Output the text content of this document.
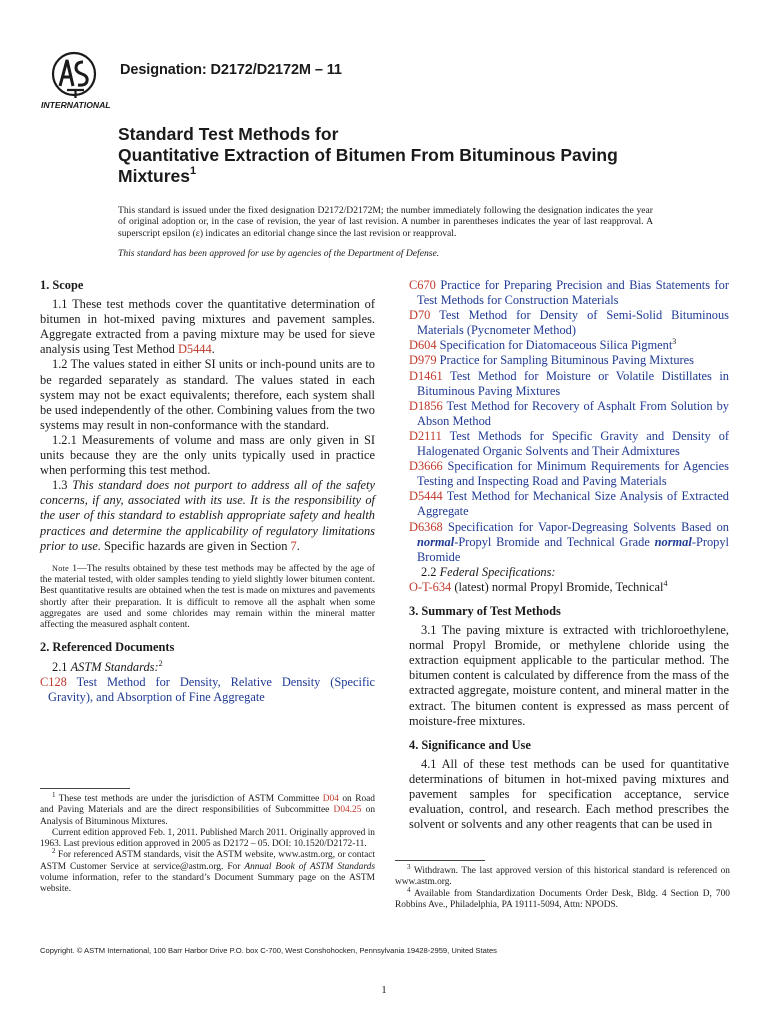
INTERNATIONAL
Designation: D2172/D2172M – 11
Standard Test Methods for
Quantitative Extraction of Bitumen From Bituminous Paving
Mixtures$^1$
This standard is issued under the fixed designation D2172/D2172M; the number immediately following the designation indicates the year of original adoption or, in the case of revision, the year of last revision. A number in parentheses indicates the year of last reapproval. A superscript epsilon (ε) indicates an editorial change since the last revision or reapproval.
This standard has been approved for use by agencies of the Department of Defense.
1. Scope
1.1 These test methods cover the quantitative determination of bitumen in hot-mixed paving mixtures and pavement samples. Aggregate extracted from a paving mixture may be used for sieve analysis using Test Method D5444.
1.2 The values stated in either SI units or inch-pound units are to be regarded separately as standard. The values stated in each system may not be exact equivalents; therefore, each system shall be used independently of the other. Combining values from the two systems may result in non-conformance with the standard.
1.2.1 Measurements of volume and mass are only given in SI units because they are the only units typically used in practice when performing this test method.
1.3 This standard does not purport to address all of the safety concerns, if any, associated with its use. It is the responsibility of the user of this standard to establish appropriate safety and health practices and determine the applicability of regulatory limitations prior to use. Specific hazards are given in Section 7.
Note 1—The results obtained by these test methods may be affected by the age of the material tested, with older samples tending to yield slightly lower bitumen content. Best quantitative results are obtained when the test is made on mixtures and pavements shortly after their preparation. It is difficult to remove all the asphalt when some aggregates are used and some chlorides may remain within the mineral matter affecting the measured asphalt content.
2. Referenced Documents
2.1 ASTM Standards:$^2$
C128 Test Method for Density, Relative Density (Specific Gravity), and Absorption of Fine Aggregate
C670 Practice for Preparing Precision and Bias Statements for Test Methods for Construction Materials
D70 Test Method for Density of Semi-Solid Bituminous Materials (Pycnometer Method)
D604 Specification for Diatomaceous Silica Pigment$^3$
D979 Practice for Sampling Bituminous Paving Mixtures
D1461 Test Method for Moisture or Volatile Distillates in Bituminous Paving Mixtures
D1856 Test Method for Recovery of Asphalt From Solution by Abson Method
D2111 Test Methods for Specific Gravity and Density of Halogenated Organic Solvents and Their Admixtures
D3666 Specification for Minimum Requirements for Agencies Testing and Inspecting Road and Paving Materials
D5444 Test Method for Mechanical Size Analysis of Extracted Aggregate
D6368 Specification for Vapor-Degreasing Solvents Based on normal-Propyl Bromide and Technical Grade normal-Propyl Bromide
2.2 Federal Specifications:
O-T-634 (latest) normal Propyl Bromide, Technical$^4$
3. Summary of Test Methods
3.1 The paving mixture is extracted with trichloroethylene, normal Propyl Bromide, or methylene chloride using the extraction equipment applicable to the particular method. The bitumen content is calculated by difference from the mass of the extracted aggregate, moisture content, and mineral matter in the extract. The bitumen content is expressed as mass percent of moisture-free mixtures.
4. Significance and Use
4.1 All of these test methods can be used for quantitative determinations of bitumen in hot-mixed paving mixtures and pavement samples for specification acceptance, service evaluation, control, and research. Each method prescribes the solvent or solvents and any other reagents that can be used in

$^1$ These test methods are under the jurisdiction of ASTM Committee D04 on Road and Paving Materials and are the direct responsibilities of Subcommittee D04.25 on Analysis of Bituminous Mixtures.

Current edition approved Feb. 1, 2011. Published March 2011. Originally approved in 1963. Last previous edition approved in 2005 as D2172 – 05. DOI: 10.1520/D2172-11.

$^2$ For referenced ASTM standards, visit the ASTM website, www.astm.org, or contact ASTM Customer Service at service@astm.org. For Annual Book of ASTM Standards volume information, refer to the standard’s Document Summary page on the ASTM website.

$^3$ Withdrawn. The last approved version of this historical standard is referenced on www.astm.org.

$^4$ Available from Standardization Documents Order Desk, Bldg. 4 Section D, 700 Robbins Ave., Philadelphia, PA 19111-5094, Attn: NPODS.

Copyright. © ASTM International, 100 Barr Harbor Drive P.O. box C-700, West Conshohocken, Pennsylvania 19428-2959, United States
1
